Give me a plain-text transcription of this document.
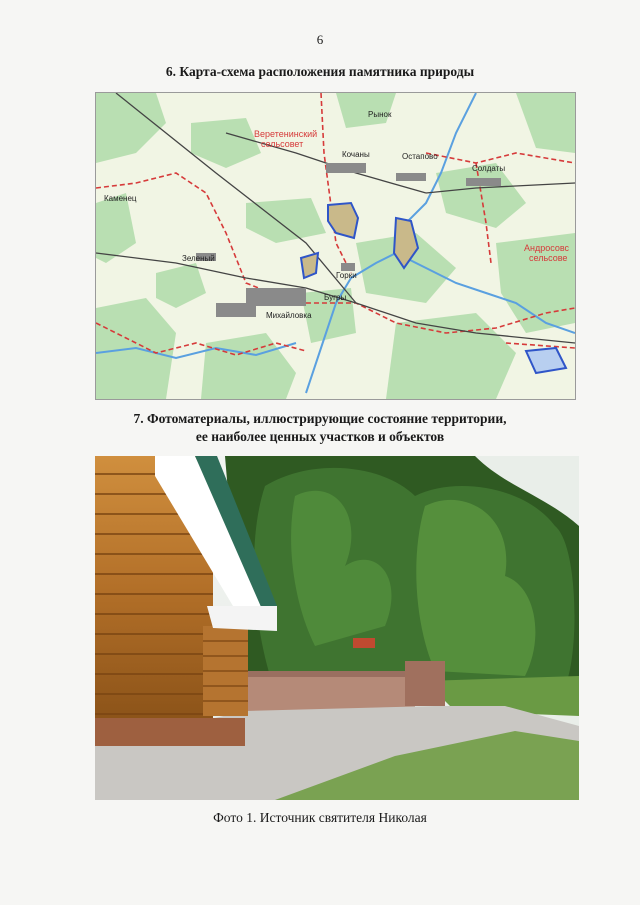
6
6. Карта-схема расположения памятника природы
Веретенинский
сельсовет
Андросовс
сельсове
Рынок
Остапово
Каменец
Зеленый
Михайловка
Горки
Солдаты
Кочаны
Бугры
7. Фотоматериалы, иллюстрирующие состояние территории,
ее наиболее ценных участков и объектов
Фото 1. Источник святителя Николая
